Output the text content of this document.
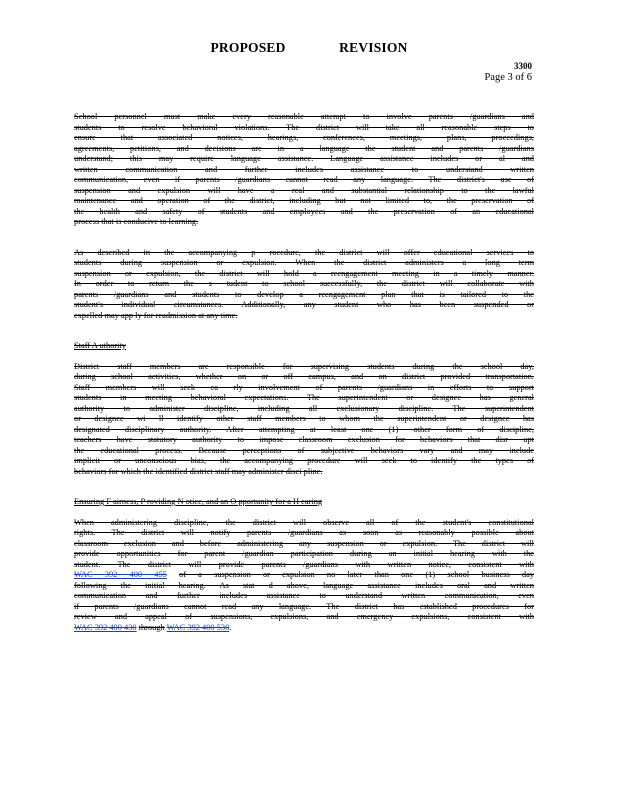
PROPOSED REVISION

3300

Page 3 of 6

School personnel must make every reasonable attempt to involve parents /guardians and

students to resolve behavioral violations. The district will take all reasonable steps to

ensure that associated notices, hearings, conferences, meetings, plans, proceedings,

agreements, petitions, and decisions are in a language the student and parents /guardians

understand; this may require language assistance. Language assistance includes or al and

written communication and further includes assistance to understand written

communication, even if parents /guardians cannot read any language. The district's use of

suspension and expulsion will have a real and substantial relationship to the lawful

maintenance and operation of the district, including but not limited to, the preservation of

the health and safety of students and employees and the preservation of an educational

process that is conducive to learning.

As described in the accompanying p rocedure, the district will offer educational services to

students during suspension or expulsion. When the district administers a long term

suspension or expulsion, the district will hold a reengagement meeting in a timely manner.

In order to return the s tudent to school successfully, the district will collaborate with

parents /guardians and students to develop a reengagement plan that is tailored to the

student's individual circumstances. Additionally, any student who has been suspended or

expelled may app ly for readmission at any time.

Staff A uthority

District staff members are responsible for supervising students during the school day,

during school activities, whether on or off campus, and on district provided transportation.

Staff members will seek ea rly involvement of parents /guardians in efforts to support

students in meeting behavioral expectations. The superintendent or designee has general

authority to administer discipline, including all exclusionary discipline. The superintendent

or designee wi ll identify other staff members to whom the superintendent or designee has

designated disciplinary authority. After attempting at least one (1) other form of discipline,

teachers have statutory authority to impose classroom exclusion for behaviors that disr upt

the educational process. Because perceptions of subjective behaviors vary and may include

implicit or unconscious bias, the accompanying procedure will seek to identify the types of

behaviors for which the identified district staff may administer disci pline.

Ensuring F airness, P roviding N otice, and an O pportunity for a H earing

When administering discipline, the district will observe all of the student's constitutional

rights. The district will notify parents /guardians as soon as reasonably possible about

classroom exclusion and before administering any suspension or expulsion. The district will

provide opportunities for parent /guardian participation during an initial hearing with the

student. The district will provide parents /guardians with written notice, consistent with

WAC 392 400 455 of a suspension or expulsion no later than one (1) school business day

following the initial hearing. As stat d above, language assistance includes oral and written

communication and further includes assistance to understand written communication, even

if parents /guardians cannot read any language. The district has established procedures for

review and appeal of suspensions, expulsions, and emergency expulsions, consistent with

WAC 392 400 430 through WAC 392 400 530.
